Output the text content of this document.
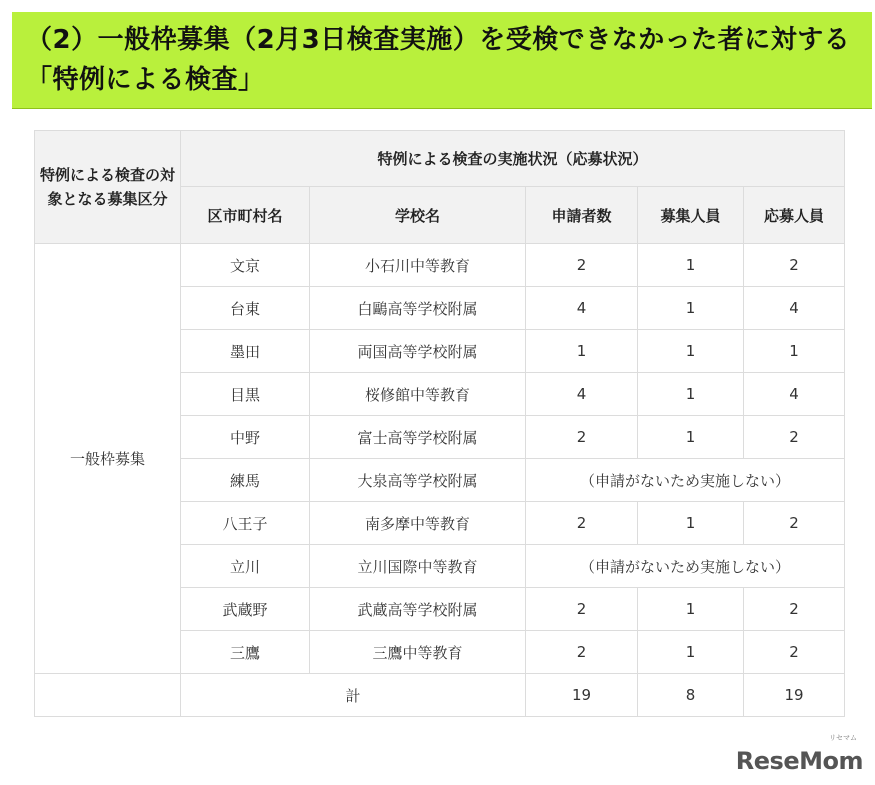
（2）一般枠募集（2月3日検査実施）を受検できなかった者に対する「特例による検査」
特例による検査の対象となる募集区分	特例による検査の実施状況（応募状況）				
	区市町村名	学校名	申請者数	募集人員	応募人員
一般枠募集	文京	小石川中等教育	2	1	2
	台東	白鷗高等学校附属	4	1	4
	墨田	両国高等学校附属	1	1	1
	目黒	桜修館中等教育	4	1	4
	中野	富士高等学校附属	2	1	2
	練馬	大泉高等学校附属	（申請がないため実施しない）		
	八王子	南多摩中等教育	2	1	2
	立川	立川国際中等教育	（申請がないため実施しない）		
	武蔵野	武蔵高等学校附属	2	1	2
	三鷹	三鷹中等教育	2	1	2
	計		19	8	19
リセマム
ReseMom
